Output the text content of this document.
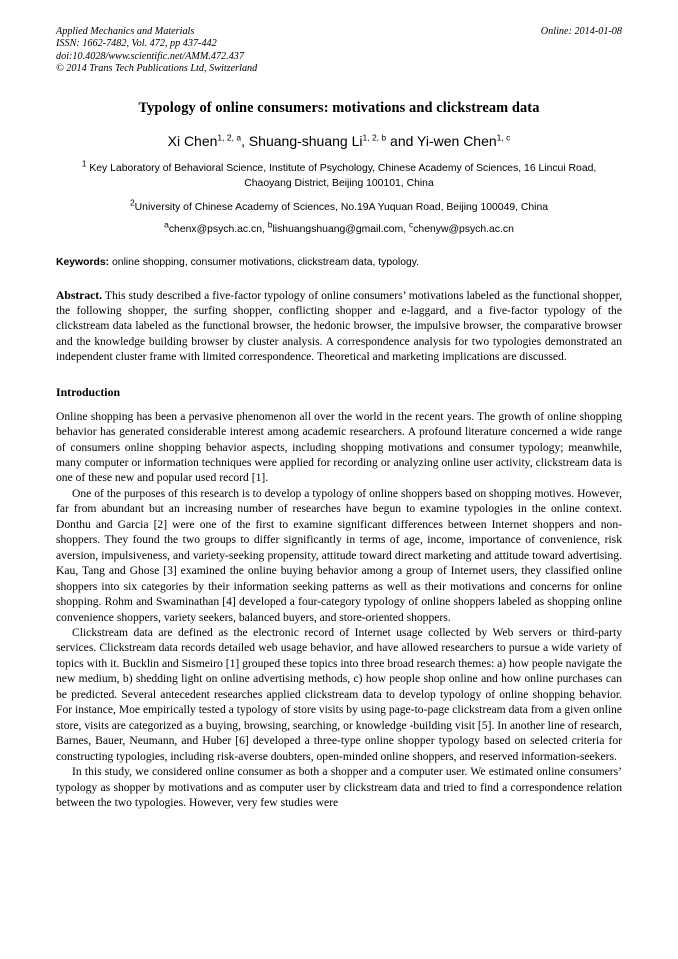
Applied Mechanics and Materials
ISSN: 1662-7482, Vol. 472, pp 437-442
doi:10.4028/www.scientific.net/AMM.472.437
© 2014 Trans Tech Publications Ltd, Switzerland
Online: 2014-01-08
Typology of online consumers: motivations and clickstream data
Xi Chen$^{1, 2, a}$, Shuang-shuang Li$^{1, 2, b}$ and Yi-wen Chen$^{1, c}$
$^1$ Key Laboratory of Behavioral Science, Institute of Psychology, Chinese Academy of Sciences, 16 Lincui Road, Chaoyang District, Beijing 100101, China
$^2$University of Chinese Academy of Sciences, No.19A Yuquan Road, Beijing 100049, China
$^a$chenx@psych.ac.cn, $^b$lishuangshuang@gmail.com, $^c$chenyw@psych.ac.cn
Keywords: online shopping, consumer motivations, clickstream data, typology.
Abstract. This study described a five-factor typology of online consumers’ motivations labeled as the functional shopper, the following shopper, the surfing shopper, conflicting shopper and e-laggard, and a five-factor typology of the clickstream data labeled as the functional browser, the hedonic browser, the impulsive browser, the comparative browser and the knowledge building browser by cluster analysis. A correspondence analysis for two typologies demonstrated an independent cluster frame with limited correspondence. Theoretical and marketing implications are discussed.
Introduction

Online shopping has been a pervasive phenomenon all over the world in the recent years. The growth of online shopping behavior has generated considerable interest among academic researchers. A profound literature concerned a wide range of consumers online shopping behavior aspects, including shopping motivations and consumer typology; meanwhile, many computer or information techniques were applied for recording or analyzing online user activity, clickstream data is one of these new and popular used record [1].

One of the purposes of this research is to develop a typology of online shoppers based on shopping motives. However, far from abundant but an increasing number of researches have begun to examine typologies in the online context. Donthu and Garcia [2] were one of the first to examine significant differences between Internet shoppers and non-shoppers. They found the two groups to differ significantly in terms of age, income, importance of convenience, risk aversion, impulsiveness, and variety-seeking propensity, attitude toward direct marketing and attitude toward advertising. Kau, Tang and Ghose [3] examined the online buying behavior among a group of Internet users, they classified online shoppers into six categories by their information seeking patterns as well as their motivations and concerns for online shopping. Rohm and Swaminathan [4] developed a four-category typology of online shoppers labeled as shopping online convenience shoppers, variety seekers, balanced buyers, and store-oriented shoppers.

Clickstream data are defined as the electronic record of Internet usage collected by Web servers or third-party services. Clickstream data records detailed web usage behavior, and have allowed researchers to pursue a wide variety of topics with it. Bucklin and Sismeiro [1] grouped these topics into three broad research themes: a) how people navigate the new medium, b) shedding light on online advertising methods, c) how people shop online and how online purchases can be predicted. Several antecedent researches applied clickstream data to develop typology of online shopping behavior. For instance, Moe empirically tested a typology of store visits by using page-to-page clickstream data from a given online store, visits are categorized as a buying, browsing, searching, or knowledge -building visit [5]. In another line of research, Barnes, Bauer, Neumann, and Huber [6] developed a three-type online shopper typology based on selected criteria for constructing typologies, including risk-averse doubters, open-minded online shoppers, and reserved information-seekers.

In this study, we considered online consumer as both a shopper and a computer user. We estimated online consumers’ typology as shopper by motivations and as computer user by clickstream data and tried to find a correspondence relation between the two typologies. However, very few studies were
